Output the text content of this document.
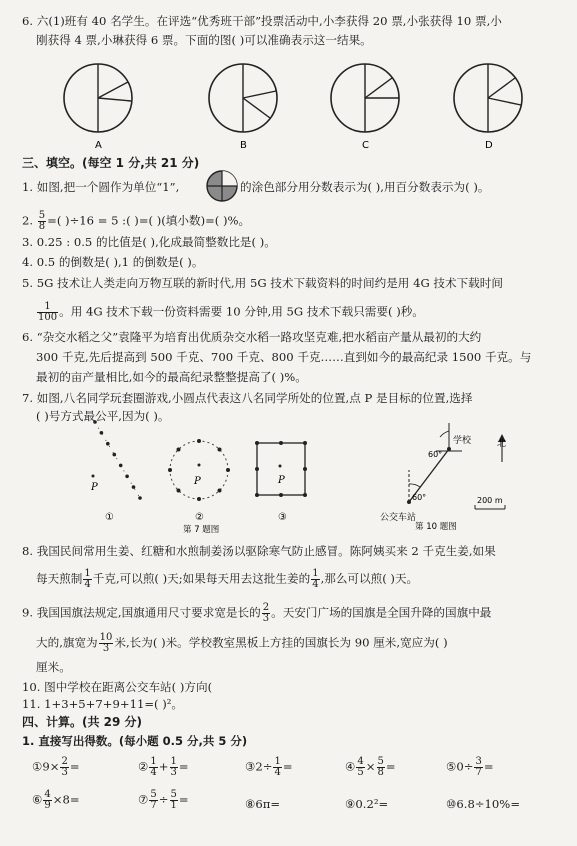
6. 六(1)班有 40 名学生。在评选“优秀班干部”投票活动中,小李获得 20 票,小张获得 10 票,小
刚获得 4 票,小琳获得 6 票。下面的图( )可以准确表示这一结果。
A	B	C	D
P
P	P
①	②	③
第 7 题图
学校
公交车站
北
60°
60°	200 m
第 10 题图
三、填空。(每空 1 分,共 21 分)
1. 如图,把一个圆作为单位“1”,	的涂色部分用分数表示为( ),用百分数表示为( )。
2. $\frac{5}{8}$ =( )÷16 = 5 :( )=( )(填小数)=( )%。
3. 0.25 : 0.5 的比值是( ),化成最简整数比是( )。
4. 0.5 的倒数是( ),1 的倒数是( )。
5. 5G 技术让人类走向万物互联的新时代,用 5G 技术下载资料的时间约是用 4G 技术下载时间
$\frac{1}{100}$ 。用 4G 技术下载一份资料需要 10 分钟,用 5G 技术下载只需要( )秒。
6. “杂交水稻之父”袁隆平为培育出优质杂交水稻一路攻坚克难,把水稻亩产量从最初的大约
300 千克,先后提高到 500 千克、700 千克、800 千克……直到如今的最高纪录 1500 千克。与
最初的亩产量相比,如今的最高纪录整整提高了( )%。
7. 如图,八名同学玩套圈游戏,小圆点代表这八名同学所处的位置,点 P 是目标的位置,选择
( )号方式最公平,因为( )。
8. 我国民间常用生姜、红糖和水煎制姜汤以驱除寒气防止感冒。陈阿姨买来 2 千克生姜,如果
每天煎制 $\frac{1}{4}$ 千克,可以煎( )天;如果每天用去这批生姜的 $\frac{1}{4}$ ,那么可以煎( )天。
9. 我国国旗法规定,国旗通用尺寸要求宽是长的 $\frac{2}{3}$ 。天安门广场的国旗是全国升降的国旗中最
大的,旗宽为 $\frac{10}{3}$ 米,长为( )米。学校教室黑板上方挂的国旗长为 90 厘米,宽应为( )
厘米。
10. 图中学校在距离公交车站( )方向(
11. 1+3+5+7+9+11=( )²。
四、计算。(共 29 分)
1. 直接写出得数。(每小题 0.5 分,共 5 分)
①9× $\frac{2}{3}$ =	② $\frac{1}{4} + \frac{1}{3}$ =	③2÷ $\frac{1}{4}$ =	④ $\frac{4}{5} \times \frac{5}{8}$ =	⑤0÷ $\frac{3}{7}$ =
⑥ $\frac{4}{9} \times 8=$	⑦ $\frac{5}{7} \div \frac{5}{1}$ =	⑧6π=	⑨0.2²=	⑩6.8÷10%=
